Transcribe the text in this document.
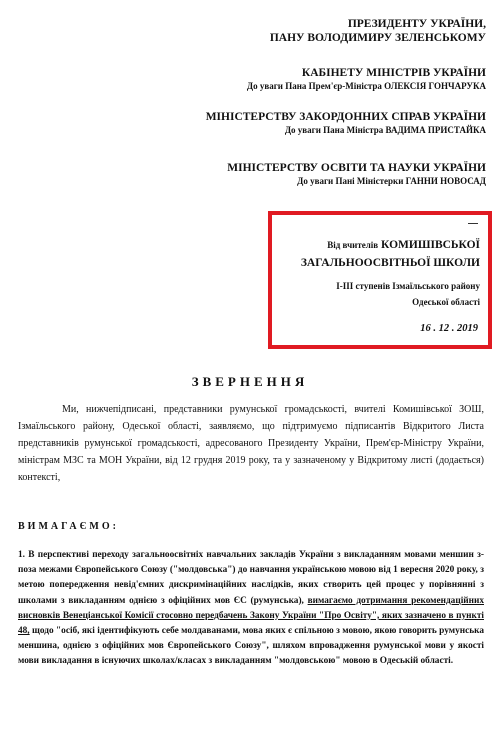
ПРЕЗИДЕНТУ УКРАЇНИ,
ПАНУ ВОЛОДИМИРУ ЗЕЛЕНСЬКОМУ
КАБІНЕТУ МІНІСТРІВ УКРАЇНИ
До уваги Пана Прем'єр-Міністра ОЛЕКСІЯ ГОНЧАРУКА
МІНІСТЕРСТВУ ЗАКОРДОННИХ СПРАВ УКРАЇНИ
До уваги Пана Міністра ВАДИМА ПРИСТАЙКА
МІНІСТЕРСТВУ ОСВІТИ ТА НАУКИ УКРАЇНИ
До уваги Пані Міністерки ГАННИ НОВОСАД
Від вчителів КОМИШІВСЬКОЇ
ЗАГАЛЬНООСВІТНЬОЇ ШКОЛИ
І-ІІІ ступенів Ізмаїльського району
Одеської області
16 . 12 . 2019
ЗВЕРНЕННЯ
Ми, нижчепідписані, представники румунської громадськості, вчителі Комишівської ЗОШ, Ізмаїльського району, Одеської області, заявляємо, що підтримуємо підписантів Відкритого Листа представників румунської громадськості, адресованого Президенту України, Прем'єр-Міністру України, міністрам МЗС та МОН України, від 12 грудня 2019 року, та у зазначеному у Відкритому листі (додається) контексті,
ВИМАГАЄМО:
1. В перспективі переходу загальноосвітніх навчальних закладів України з викладанням мовами меншин з-поза межами Європейського Союзу ("молдовська") до навчання українською мовою від 1 вересня 2020 року, з метою попередження невід'ємних дискримінаційних наслідків, яких створить цей процес у порівнянні з школами з викладанням однією з офіційних мов ЄС (румунська), вимагаємо дотримання рекомендаційних висновків Венеціанської Комісії стосовно передбачень Закону України "Про Освіту", яких зазначено в пункті 48, щодо "осіб, які ідентифікують себе молдаванами, мова яких є спільною з мовою, якою говорить румунська меншина, однією з офіційних мов Європейського Союзу", шляхом впровадження румунської мови у якості мови викладання в існуючих школах/класах з викладанням "молдовською" мовою в Одеській області.
